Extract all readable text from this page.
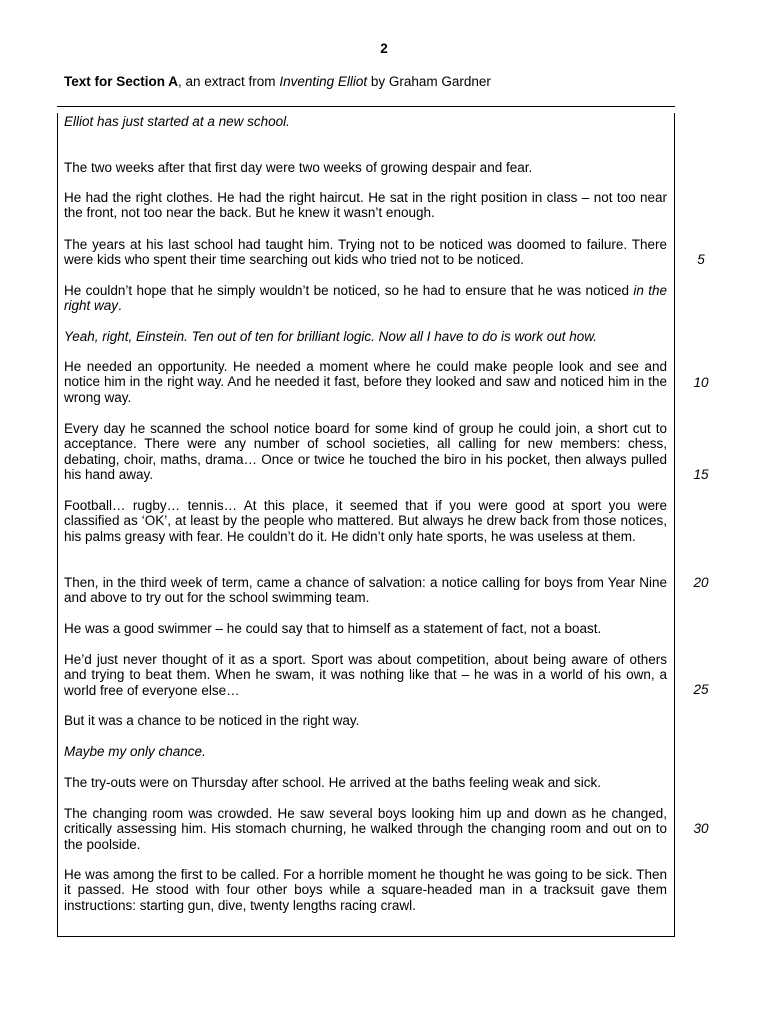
2
Text for Section A, an extract from Inventing Elliot by Graham Gardner

Elliot has just started at a new school.

The two weeks after that first day were two weeks of growing despair and fear.

He had the right clothes. He had the right haircut. He sat in the right position in class – not too near the front, not too near the back. But he knew it wasn’t enough.

The years at his last school had taught him. Trying not to be noticed was doomed to failure. There were kids who spent their time searching out kids who tried not to be noticed.

He couldn’t hope that he simply wouldn’t be noticed, so he had to ensure that he was noticed in the right way.

Yeah, right, Einstein. Ten out of ten for brilliant logic. Now all I have to do is work out how.

He needed an opportunity. He needed a moment where he could make people look and see and notice him in the right way. And he needed it fast, before they looked and saw and noticed him in the wrong way.

Every day he scanned the school notice board for some kind of group he could join, a short cut to acceptance. There were any number of school societies, all calling for new members: chess, debating, choir, maths, drama… Once or twice he touched the biro in his pocket, then always pulled his hand away.

Football… rugby… tennis… At this place, it seemed that if you were good at sport you were classified as ‘OK’, at least by the people who mattered. But always he drew back from those notices, his palms greasy with fear. He couldn’t do it. He didn’t only hate sports, he was useless at them.

Then, in the third week of term, came a chance of salvation: a notice calling for boys from Year Nine and above to try out for the school swimming team.

He was a good swimmer – he could say that to himself as a statement of fact, not a boast.

He’d just never thought of it as a sport. Sport was about competition, about being aware of others and trying to beat them. When he swam, it was nothing like that – he was in a world of his own, a world free of everyone else…

But it was a chance to be noticed in the right way.

Maybe my only chance.

The try-outs were on Thursday after school. He arrived at the baths feeling weak and sick.

The changing room was crowded. He saw several boys looking him up and down as he changed, critically assessing him. His stomach churning, he walked through the changing room and out on to the poolside.

He was among the first to be called. For a horrible moment he thought he was going to be sick. Then it passed. He stood with four other boys while a square-headed man in a tracksuit gave them instructions: starting gun, dive, twenty lengths racing crawl.

5
10
15
20
25
30
